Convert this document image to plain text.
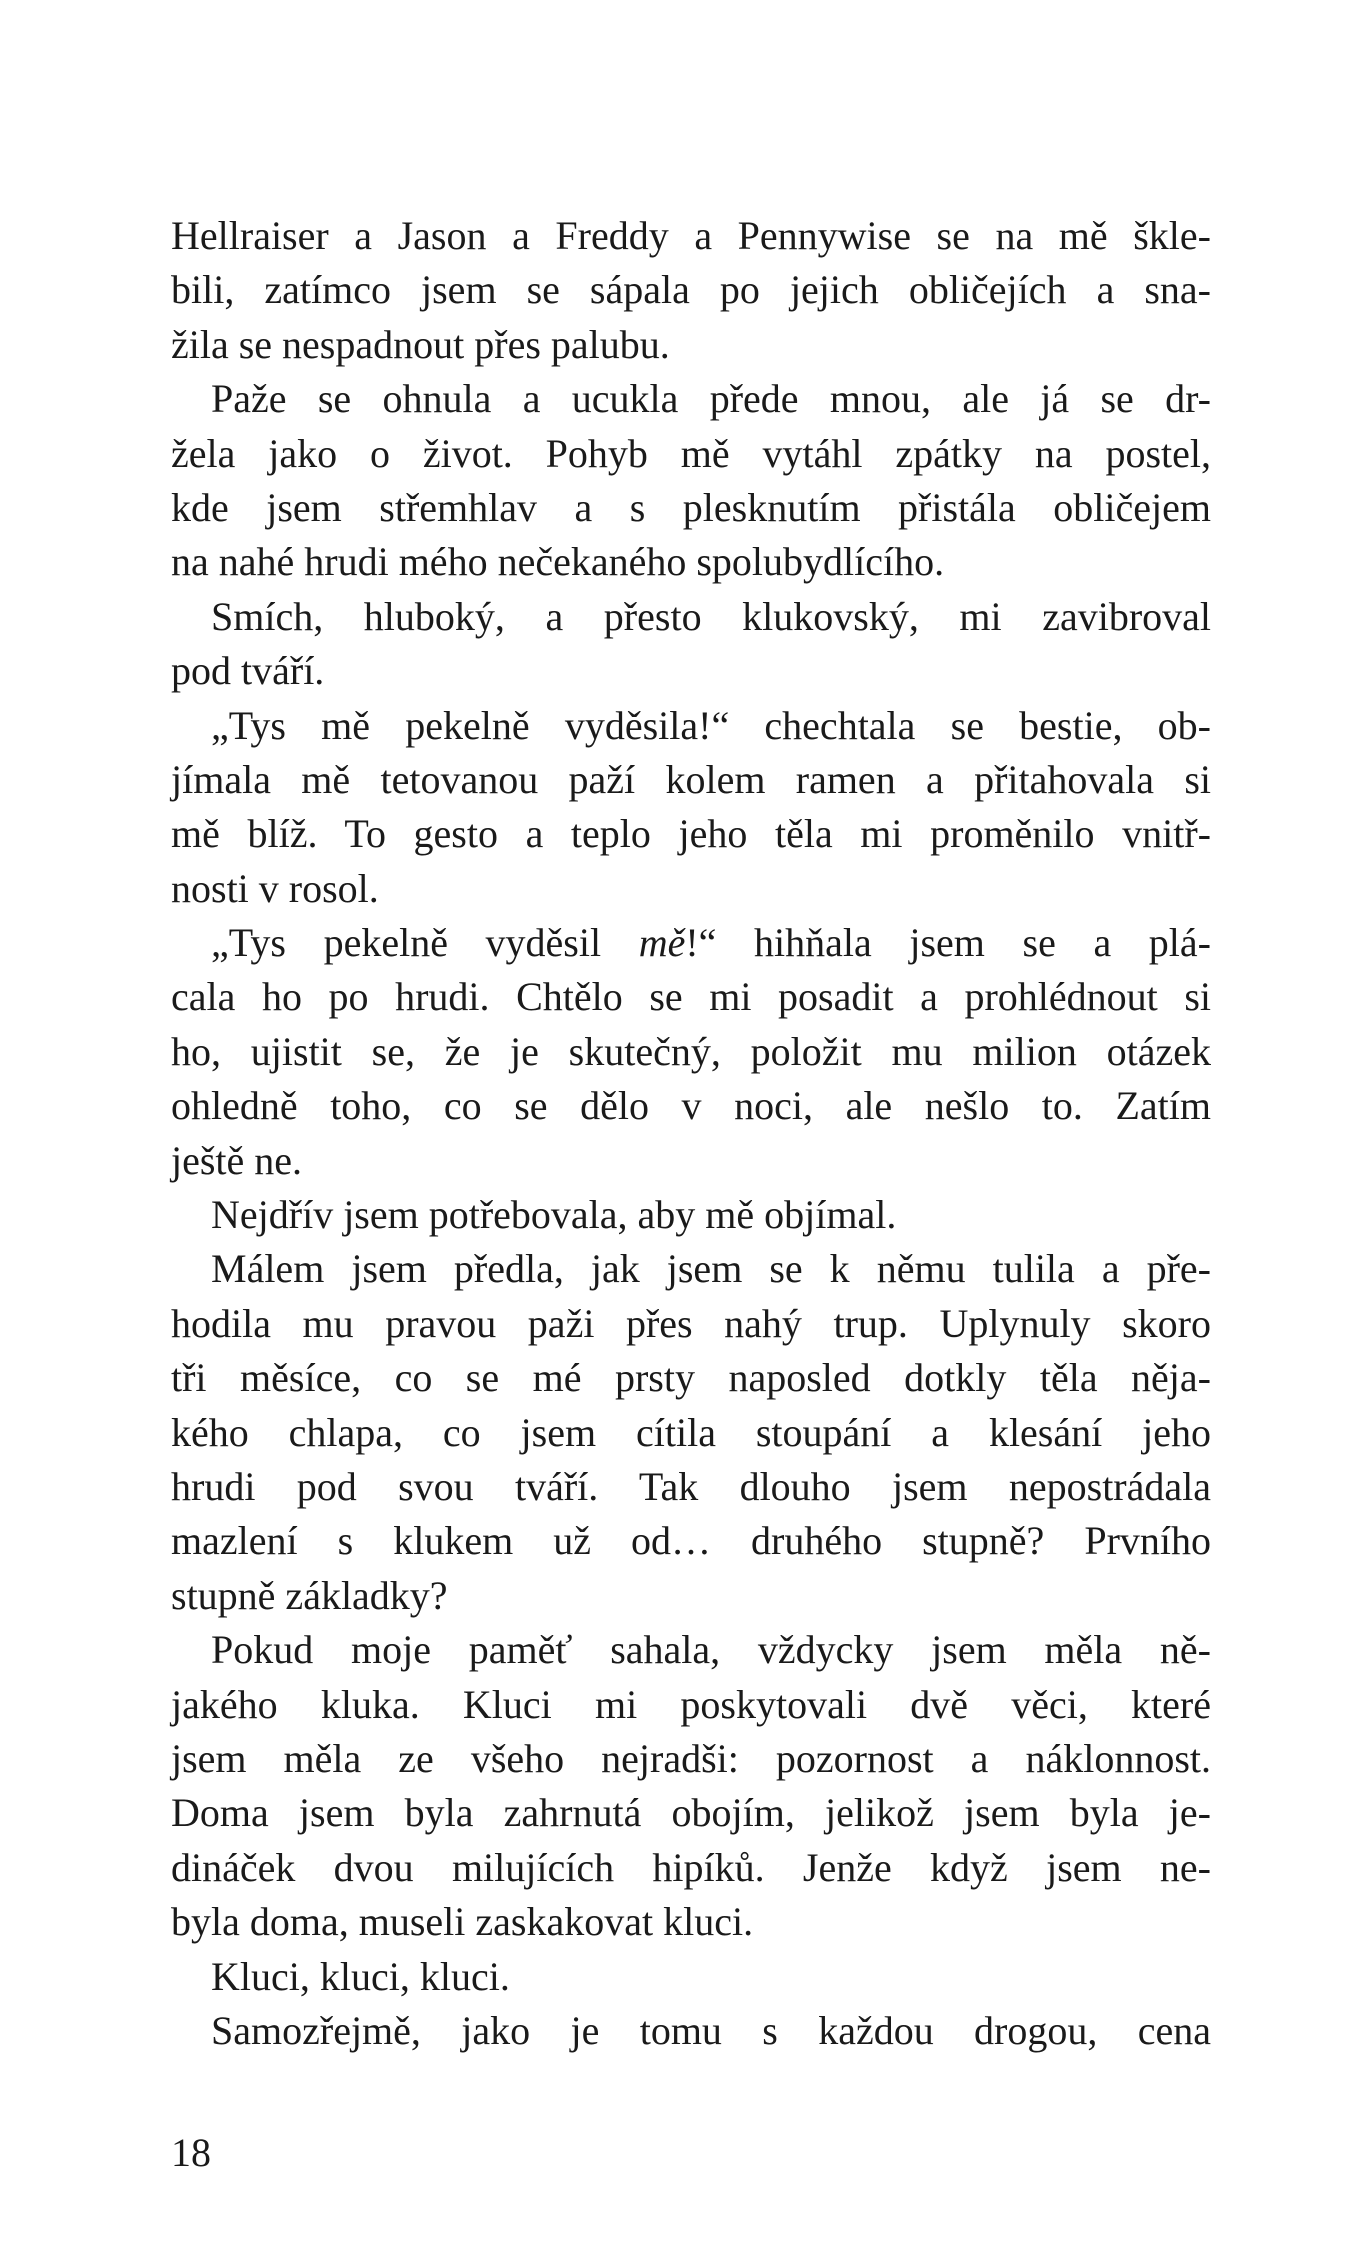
Hellraiser a Jason a Freddy a Pennywise se na mě škle-
bili, zatímco jsem se sápala po jejich obličejích a sna-
žila se nespadnout přes palubu.
Paže se ohnula a ucukla přede mnou, ale já se dr-
žela jako o život. Pohyb mě vytáhl zpátky na postel,
kde jsem střemhlav a s plesknutím přistála obličejem
na nahé hrudi mého nečekaného spolubydlícího.
Smích, hluboký, a přesto klukovský, mi zavibroval
pod tváří.
„Tys mě pekelně vyděsila!“ chechtala se bestie, ob-
jímala mě tetovanou paží kolem ramen a přitahovala si
mě blíž. To gesto a teplo jeho těla mi proměnilo vnitř-
nosti v rosol.
„Tys pekelně vyděsil mě!“ hihňala jsem se a plá-
cala ho po hrudi. Chtělo se mi posadit a prohlédnout si
ho, ujistit se, že je skutečný, položit mu milion otázek
ohledně toho, co se dělo v noci, ale nešlo to. Zatím
ještě ne.
Nejdřív jsem potřebovala, aby mě objímal.
Málem jsem předla, jak jsem se k němu tulila a pře-
hodila mu pravou paži přes nahý trup. Uplynuly skoro
tři měsíce, co se mé prsty naposled dotkly těla něja-
kého chlapa, co jsem cítila stoupání a klesání jeho
hrudi pod svou tváří. Tak dlouho jsem nepostrádala
mazlení s klukem už od… druhého stupně? Prvního
stupně základky?
Pokud moje paměť sahala, vždycky jsem měla ně-
jakého kluka. Kluci mi poskytovali dvě věci, které
jsem měla ze všeho nejradši: pozornost a náklonnost.
Doma jsem byla zahrnutá obojím, jelikož jsem byla je-
dináček dvou milujících hipíků. Jenže když jsem ne-
byla doma, museli zaskakovat kluci.
Kluci, kluci, kluci.
Samozřejmě, jako je tomu s každou drogou, cena
18
